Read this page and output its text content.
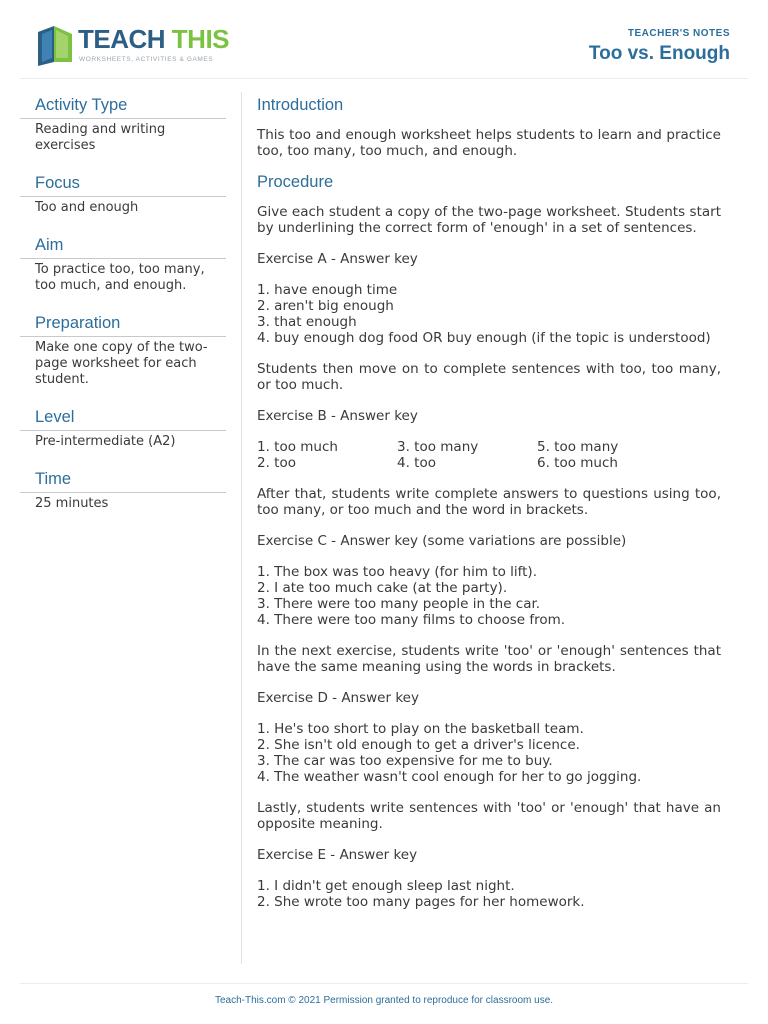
TEACH THIS
WORKSHEETS, ACTIVITIES & GAMES
TEACHER'S NOTES
Too vs. Enough
Activity Type
Reading and writing exercises
Focus
Too and enough
Aim
To practice too, too many, too much, and enough.
Preparation
Make one copy of the two-page worksheet for each student.
Level
Pre-intermediate (A2)
Time
25 minutes
Introduction

This too and enough worksheet helps students to learn and practice too, too many, too much, and enough.

Procedure

Give each student a copy of the two-page worksheet. Students start by underlining the correct form of 'enough' in a set of sentences.

Exercise A - Answer key
1. have enough time
2. aren't big enough
3. that enough
4. buy enough dog food OR buy enough (if the topic is understood)

Students then move on to complete sentences with too, too many, or too much.

Exercise B - Answer key
1. too much
2. too
3. too many
4. too
5. too many
6. too much

After that, students write complete answers to questions using too, too many, or too much and the word in brackets.

Exercise C - Answer key (some variations are possible)
1. The box was too heavy (for him to lift).
2. I ate too much cake (at the party).
3. There were too many people in the car.
4. There were too many films to choose from.

In the next exercise, students write 'too' or 'enough' sentences that have the same meaning using the words in brackets.

Exercise D - Answer key
1. He's too short to play on the basketball team.
2. She isn't old enough to get a driver's licence.
3. The car was too expensive for me to buy.
4. The weather wasn't cool enough for her to go jogging.

Lastly, students write sentences with 'too' or 'enough' that have an opposite meaning.

Exercise E - Answer key
1. I didn't get enough sleep last night.
2. She wrote too many pages for her homework.
Teach-This.com © 2021 Permission granted to reproduce for classroom use.
